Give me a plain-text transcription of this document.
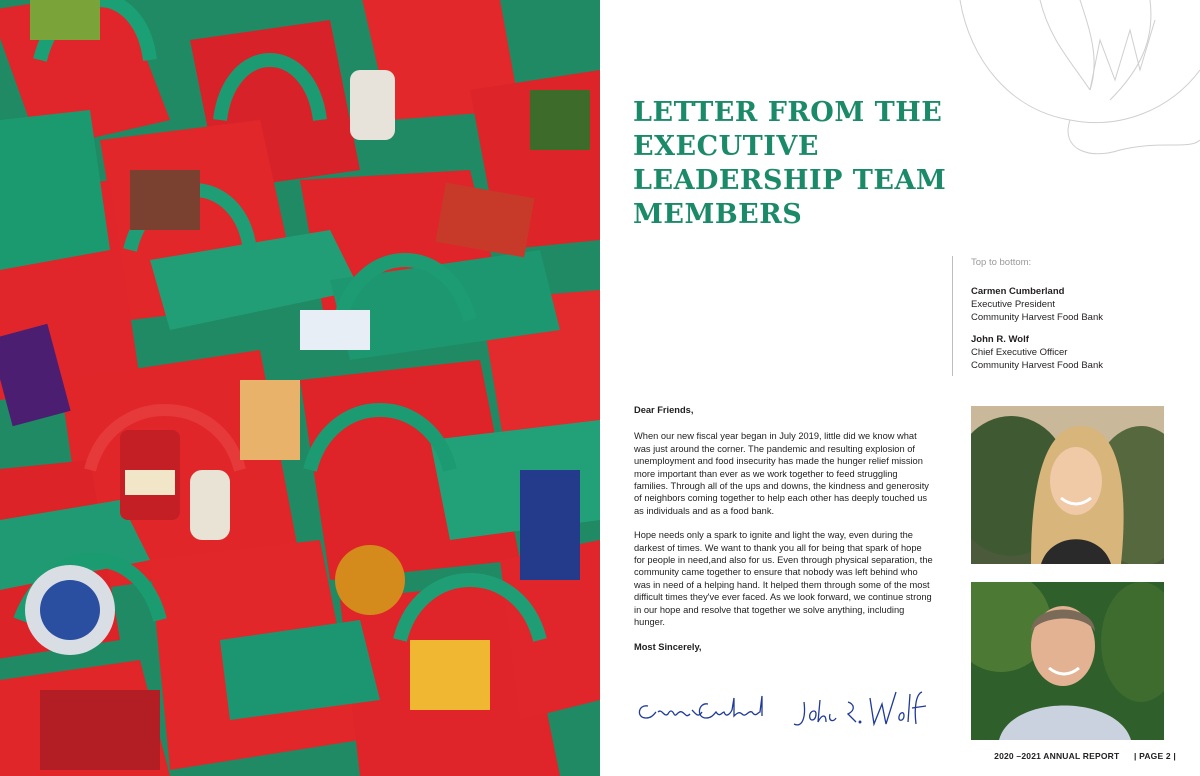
LETTER FROM THE EXECUTIVE LEADERSHIP TEAM MEMBERS
Top to bottom:
Carmen Cumberland
Executive President
Community Harvest Food Bank
John R. Wolf
Chief Executive Officer
Community Harvest Food Bank

Dear Friends,

When our new fiscal year began in July 2019, little did we know what was just around the corner. The pandemic and resulting explosion of unemployment and food insecurity has made the hunger relief mission more important than ever as we work together to feed struggling families. Through all of the ups and downs, the kindness and generosity of neighbors coming together to help each other has deeply touched us as individuals and as a food bank.

Hope needs only a spark to ignite and light the way, even during the darkest of times. We want to thank you all for being that spark of hope for people in need,and also for us. Even through physical separation, the community came together to ensure that nobody was left behind who was in need of a helping hand. It helped them through some of the most difficult times they've ever faced. As we look forward, we continue strong in our hope and resolve that together we solve anything, including hunger.

Most Sincerely,

2020 –2021 ANNUAL REPORT | PAGE 2 |
